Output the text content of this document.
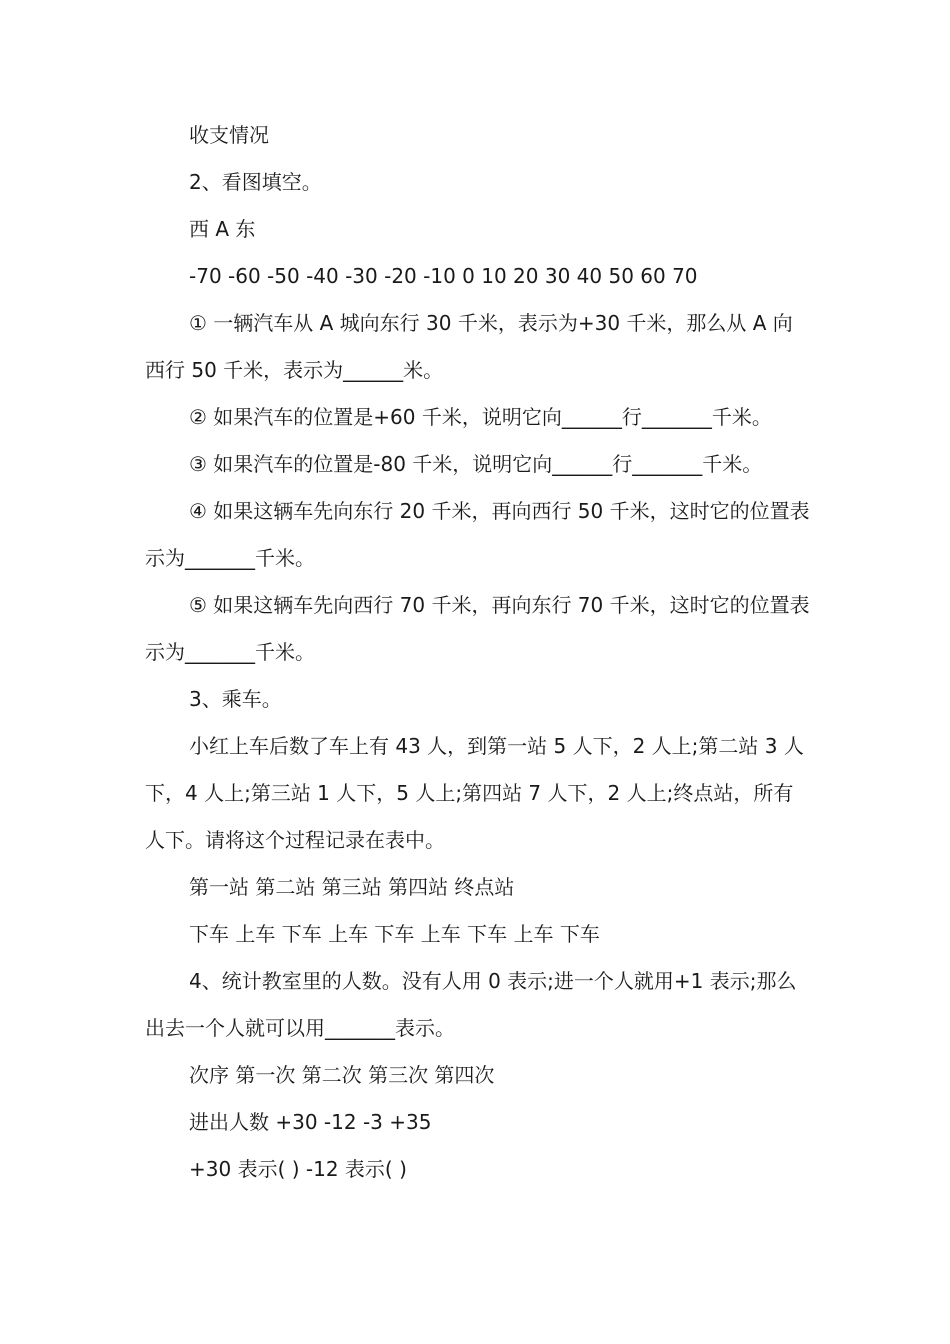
收支情况

2、看图填空。

西 A 东

-70 -60 -50 -40 -30 -20 -10 0 10 20 30 40 50 60 70

① 一辆汽车从 A 城向东行 30 千米，表示为+30 千米，那么从 A 向西行 50 千米，表示为______米。

② 如果汽车的位置是+60 千米，说明它向______行_______千米。

③ 如果汽车的位置是-80 千米，说明它向______行_______千米。

④ 如果这辆车先向东行 20 千米，再向西行 50 千米，这时它的位置表示为_______千米。

⑤ 如果这辆车先向西行 70 千米，再向东行 70 千米，这时它的位置表示为_______千米。

3、乘车。

小红上车后数了车上有 43 人，到第一站 5 人下，2 人上;第二站 3 人下，4 人上;第三站 1 人下，5 人上;第四站 7 人下，2 人上;终点站，所有人下。请将这个过程记录在表中。

第一站 第二站 第三站 第四站 终点站

下车 上车 下车 上车 下车 上车 下车 上车 下车

4、统计教室里的人数。没有人用 0 表示;进一个人就用+1 表示;那么出去一个人就可以用_______表示。

次序 第一次 第二次 第三次 第四次

进出人数 +30 -12 -3 +35

+30 表示( ) -12 表示( )
